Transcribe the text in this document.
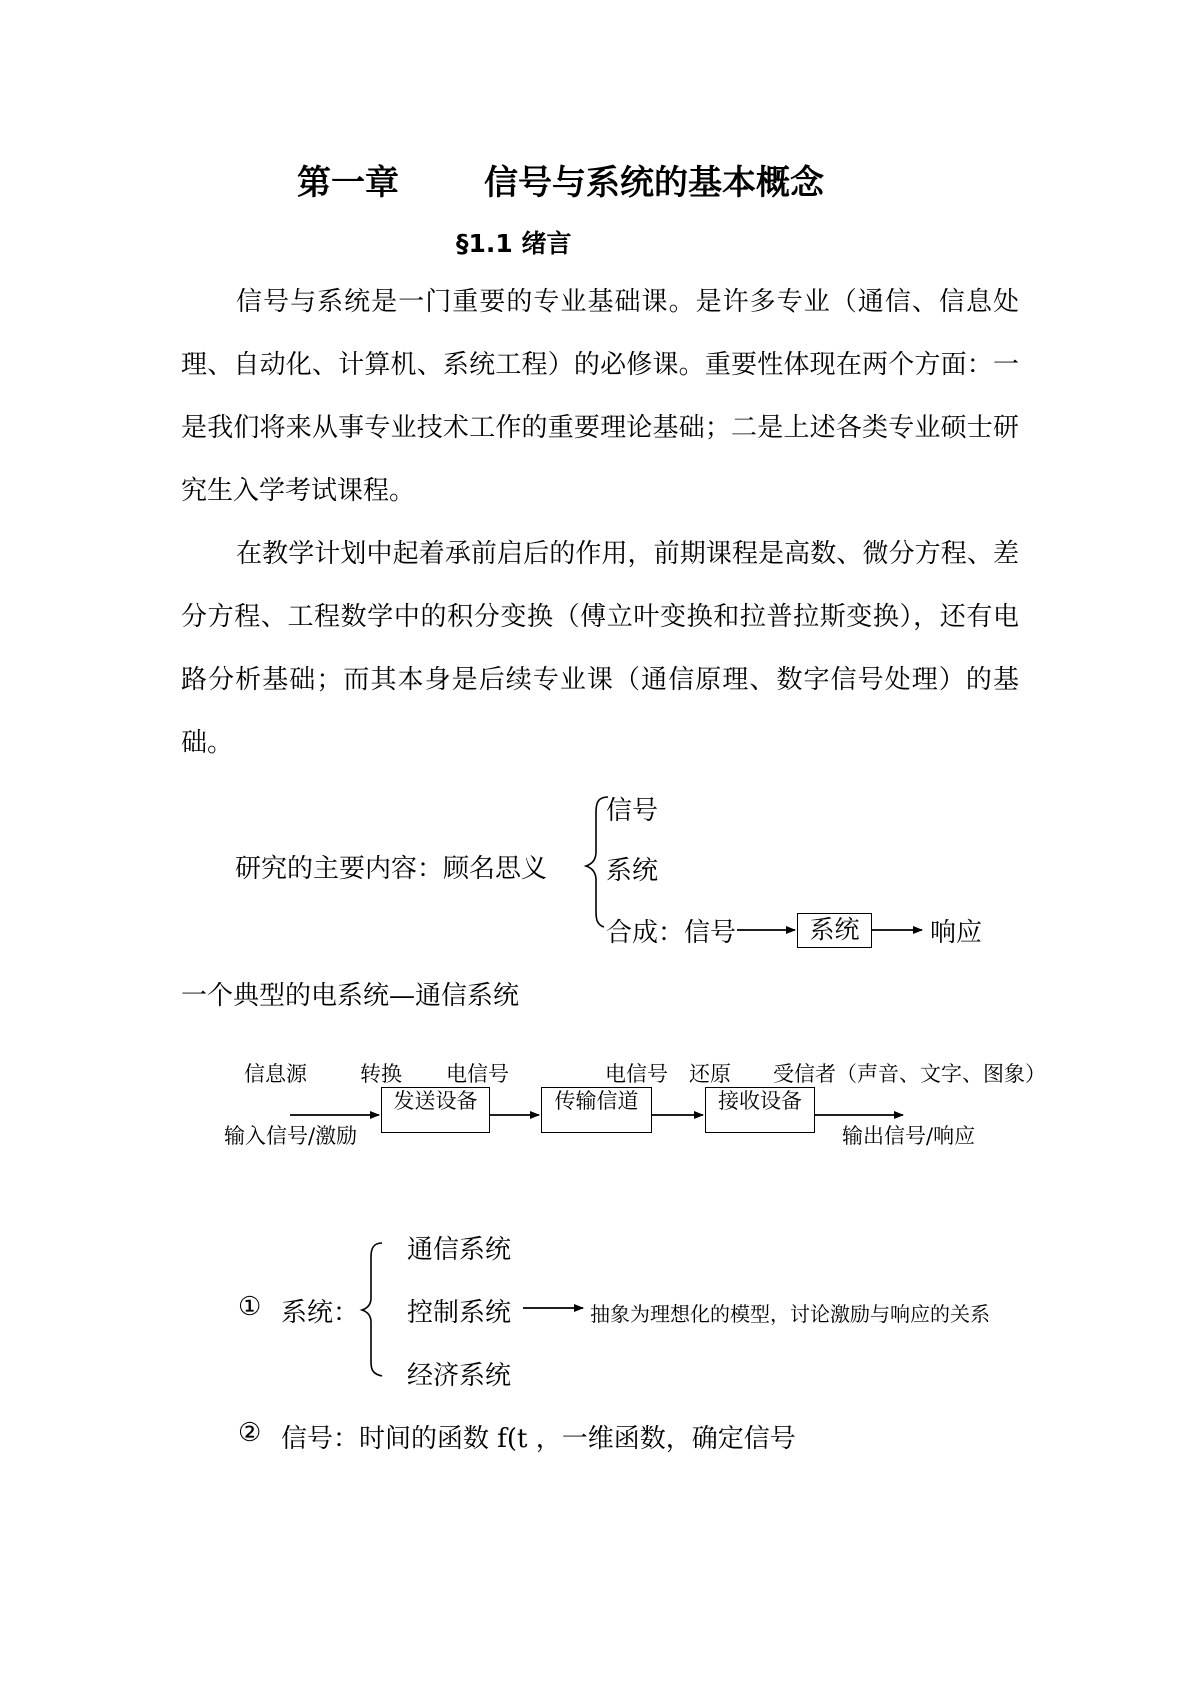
第一章	信号与系统的基本概念
§1.1 绪言
信号与系统是一门重要的专业基础课。是许多专业（通信、信息处理、自动化、计算机、系统工程）的必修课。重要性体现在两个方面：一是我们将来从事专业技术工作的重要理论基础；二是上述各类专业硕士研究生入学考试课程。
在教学计划中起着承前启后的作用，前期课程是高数、微分方程、差分方程、工程数学中的积分变换（傅立叶变换和拉普拉斯变换），还有电路分析基础；而其本身是后续专业课（通信原理、数字信号处理）的基础。
研究的主要内容：顾名思义
信号
系统
合成：信号	系统	响应
一个典型的电系统—通信系统
信息源	转换 电信号	电信号 还原 受信者（声音、文字、图象）
发送设备	传输信道	接收设备
输入信号/激励	输出信号/响应
① 系统：
通信系统
控制系统
经济系统
抽象为理想化的模型，讨论激励与响应的关系
② 信号：时间的函数 f(t ，一维函数，确定信号
